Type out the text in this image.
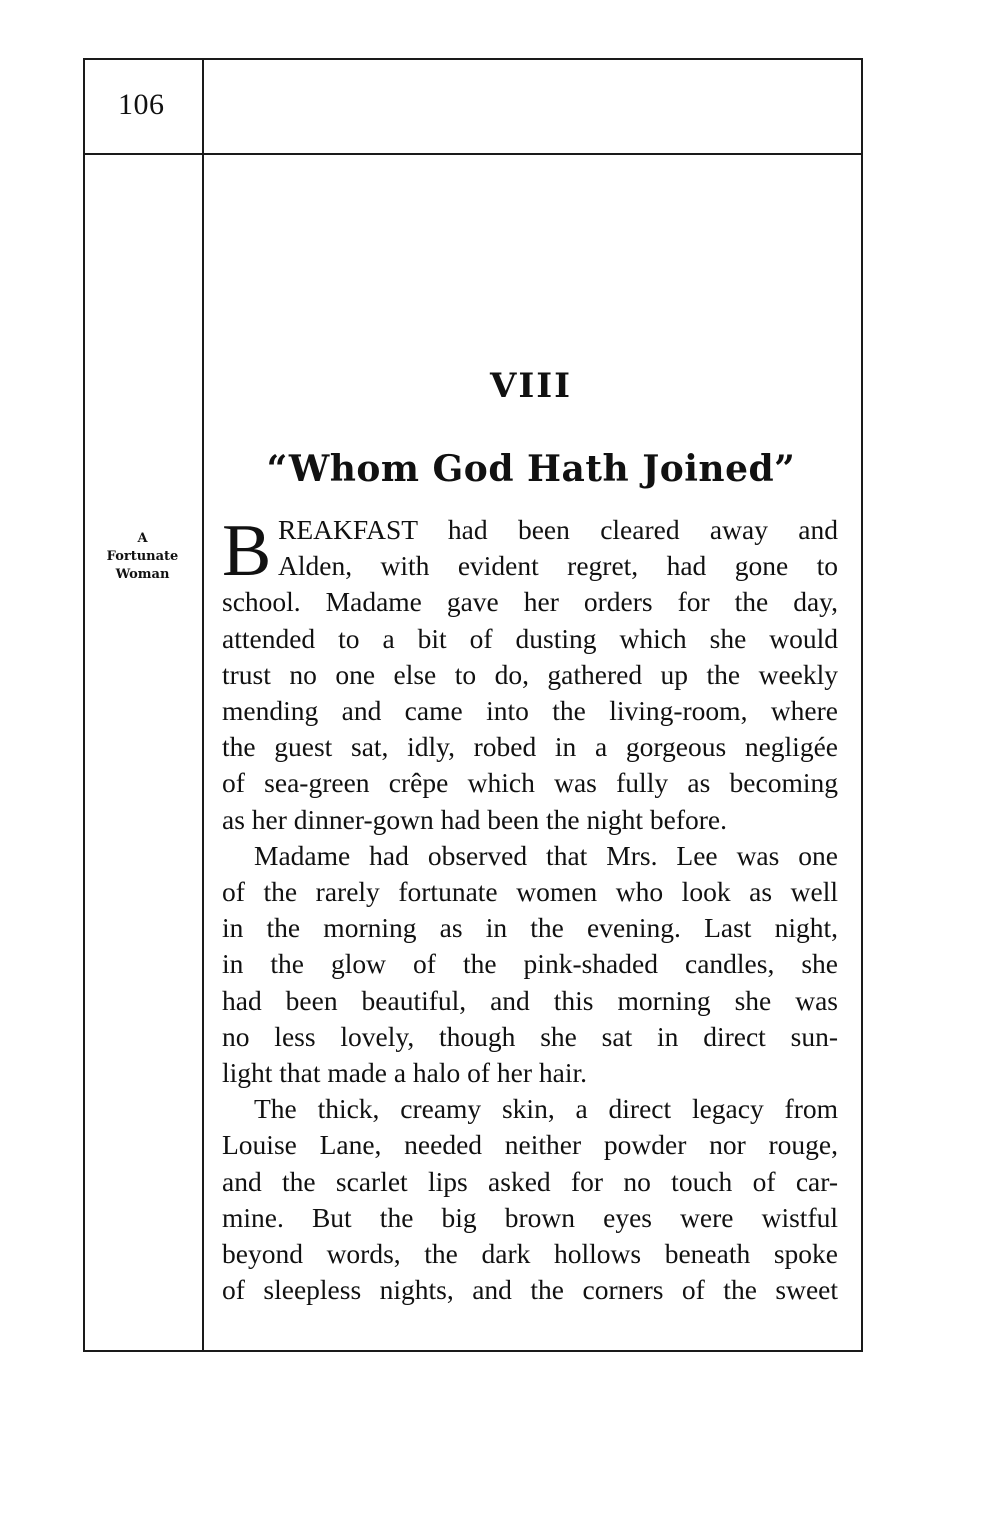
106
A
Fortunate
Woman
VIII
“Whom God Hath Joined”
B REAKFAST had been cleared away and
Alden, with evident regret, had gone to
school. Madame gave her orders for the day,
attended to a bit of dusting which she would
trust no one else to do, gathered up the weekly
mending and came into the living-room, where
the guest sat, idly, robed in a gorgeous negligée
of sea-green crêpe which was fully as becoming
as her dinner-gown had been the night before.
Madame had observed that Mrs. Lee was one
of the rarely fortunate women who look as well
in the morning as in the evening. Last night,
in the glow of the pink-shaded candles, she
had been beautiful, and this morning she was
no less lovely, though she sat in direct sun-
light that made a halo of her hair.
The thick, creamy skin, a direct legacy from
Louise Lane, needed neither powder nor rouge,
and the scarlet lips asked for no touch of car-
mine. But the big brown eyes were wistful
beyond words, the dark hollows beneath spoke
of sleepless nights, and the corners of the sweet
